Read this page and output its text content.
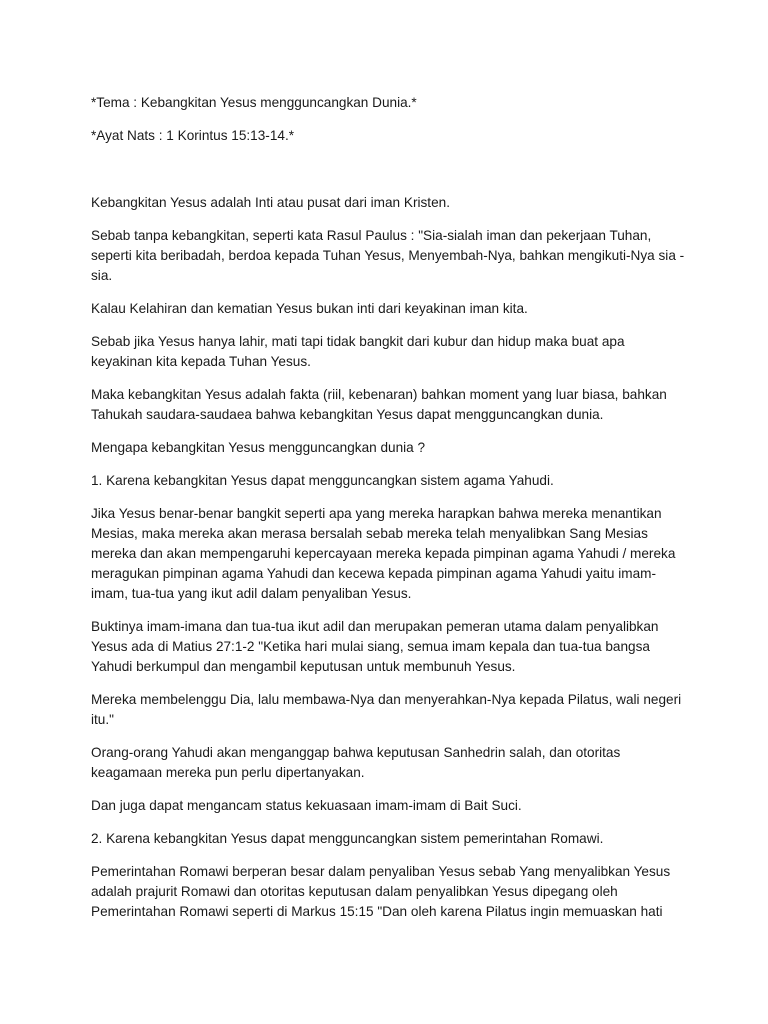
*Tema : Kebangkitan Yesus mengguncangkan Dunia.*

*Ayat Nats : 1 Korintus 15:13-14.*

Kebangkitan Yesus adalah Inti atau pusat dari iman Kristen.

Sebab tanpa kebangkitan, seperti kata Rasul Paulus : "Sia-sialah iman dan pekerjaan Tuhan, seperti kita beribadah, berdoa kepada Tuhan Yesus, Menyembah-Nya, bahkan mengikuti-Nya sia -sia.

Kalau Kelahiran dan kematian Yesus bukan inti dari keyakinan iman kita.

Sebab jika Yesus hanya lahir, mati tapi tidak bangkit dari kubur dan hidup maka buat apa keyakinan kita kepada Tuhan Yesus.

Maka kebangkitan Yesus adalah fakta (riil, kebenaran) bahkan moment yang luar biasa, bahkan Tahukah saudara-saudaea bahwa kebangkitan Yesus dapat mengguncangkan dunia.

Mengapa kebangkitan Yesus mengguncangkan dunia ?

1. Karena kebangkitan Yesus dapat mengguncangkan sistem agama Yahudi.

Jika Yesus benar-benar bangkit seperti apa yang mereka harapkan bahwa mereka menantikan Mesias, maka mereka akan merasa bersalah sebab mereka telah menyalibkan Sang Mesias mereka dan akan mempengaruhi kepercayaan mereka kepada pimpinan agama Yahudi / mereka meragukan pimpinan agama Yahudi dan kecewa kepada pimpinan agama Yahudi yaitu imam-imam, tua-tua yang ikut adil dalam penyaliban Yesus.

Buktinya imam-imana dan tua-tua ikut adil dan merupakan pemeran utama dalam penyalibkan Yesus ada di Matius 27:1-2 "Ketika hari mulai siang, semua imam kepala dan tua-tua bangsa Yahudi berkumpul dan mengambil keputusan untuk membunuh Yesus.

Mereka membelenggu Dia, lalu membawa-Nya dan menyerahkan-Nya kepada Pilatus, wali negeri itu."

Orang-orang Yahudi akan menganggap bahwa keputusan Sanhedrin salah, dan otoritas keagamaan mereka pun perlu dipertanyakan.

Dan juga dapat mengancam status kekuasaan imam-imam di Bait Suci.

2. Karena kebangkitan Yesus dapat mengguncangkan sistem pemerintahan Romawi.

Pemerintahan Romawi berperan besar dalam penyaliban Yesus sebab Yang menyalibkan Yesus adalah prajurit Romawi dan otoritas keputusan dalam penyalibkan Yesus dipegang oleh Pemerintahan Romawi seperti di Markus 15:15 "Dan oleh karena Pilatus ingin memuaskan hati
